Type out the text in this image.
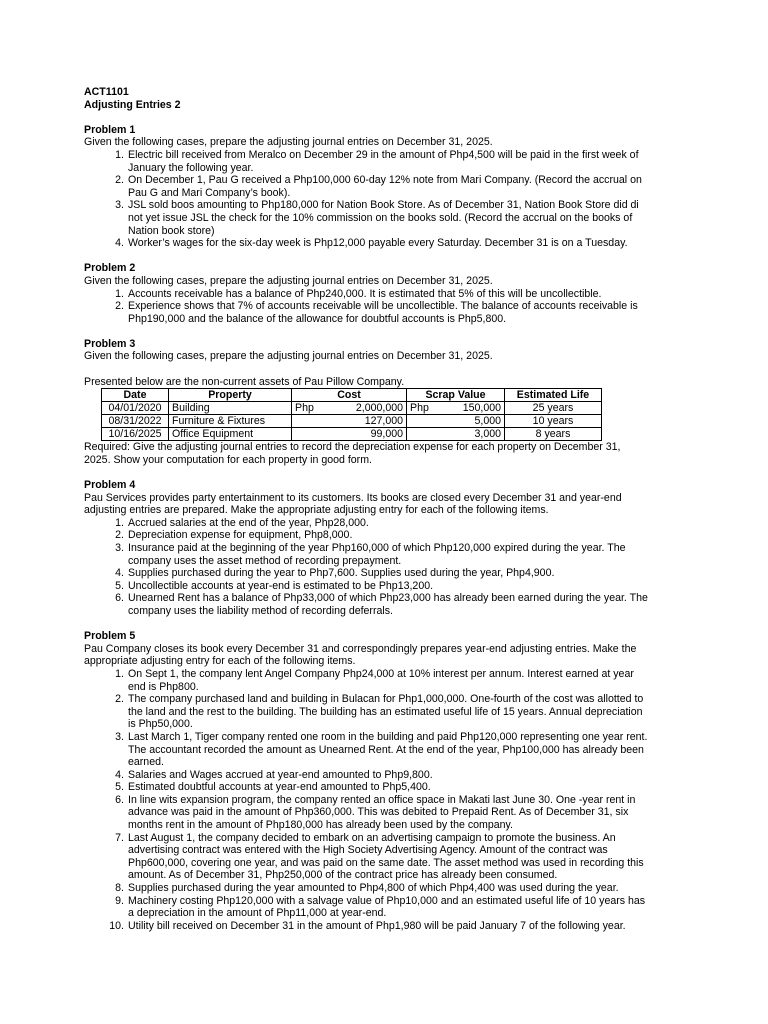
ACT1101
Adjusting Entries 2
Problem 1
Given the following cases, prepare the adjusting journal entries on December 31, 2025.
1. Electric bill received from Meralco on December 29 in the amount of Php4,500 will be paid in the first week of
January the following year.
2. On December 1, Pau G received a Php100,000 60-day 12% note from Mari Company. (Record the accrual on
Pau G and Mari Company’s book).
3. JSL sold boos amounting to Php180,000 for Nation Book Store. As of December 31, Nation Book Store did di
not yet issue JSL the check for the 10% commission on the books sold. (Record the accrual on the books of
Nation book store)
4. Worker’s wages for the six-day week is Php12,000 payable every Saturday. December 31 is on a Tuesday.
Problem 2
Given the following cases, prepare the adjusting journal entries on December 31, 2025.
1. Accounts receivable has a balance of Php240,000. It is estimated that 5% of this will be uncollectible.
2. Experience shows that 7% of accounts receivable will be uncollectible. The balance of accounts receivable is
Php190,000 and the balance of the allowance for doubtful accounts is Php5,800.
Problem 3
Given the following cases, prepare the adjusting journal entries on December 31, 2025.
Presented below are the non-current assets of Pau Pillow Company.
Date	Property	Cost	Scrap Value	Estimated Life
04/01/2020	Building	Php 2,000,000	Php 150,000	25 years
08/31/2022	Furniture & Fixtures	127,000	5,000	10 years
10/16/2025	Office Equipment	99,000	3,000	8 years
Required: Give the adjusting journal entries to record the depreciation expense for each property on December 31,
2025. Show your computation for each property in good form.
Problem 4
Pau Services provides party entertainment to its customers. Its books are closed every December 31 and year-end
adjusting entries are prepared. Make the appropriate adjusting entry for each of the following items.
1. Accrued salaries at the end of the year, Php28,000.
2. Depreciation expense for equipment, Php8,000.
3. Insurance paid at the beginning of the year Php160,000 of which Php120,000 expired during the year. The
company uses the asset method of recording prepayment.
4. Supplies purchased during the year to Php7,600. Supplies used during the year, Php4,900.
5. Uncollectible accounts at year-end is estimated to be Php13,200.
6. Unearned Rent has a balance of Php33,000 of which Php23,000 has already been earned during the year. The
company uses the liability method of recording deferrals.
Problem 5
Pau Company closes its book every December 31 and correspondingly prepares year-end adjusting entries. Make the
appropriate adjusting entry for each of the following items.
1. On Sept 1, the company lent Angel Company Php24,000 at 10% interest per annum. Interest earned at year
end is Php800.
2. The company purchased land and building in Bulacan for Php1,000,000. One-fourth of the cost was allotted to
the land and the rest to the building. The building has an estimated useful life of 15 years. Annual depreciation
is Php50,000.
3. Last March 1, Tiger company rented one room in the building and paid Php120,000 representing one year rent.
The accountant recorded the amount as Unearned Rent. At the end of the year, Php100,000 has already been
earned.
4. Salaries and Wages accrued at year-end amounted to Php9,800.
5. Estimated doubtful accounts at year-end amounted to Php5,400.
6. In line wits expansion program, the company rented an office space in Makati last June 30. One -year rent in
advance was paid in the amount of Php360,000. This was debited to Prepaid Rent. As of December 31, six
months rent in the amount of Php180,000 has already been used by the company.
7. Last August 1, the company decided to embark on an advertising campaign to promote the business. An
advertising contract was entered with the High Society Advertising Agency. Amount of the contract was
Php600,000, covering one year, and was paid on the same date. The asset method was used in recording this
amount. As of December 31, Php250,000 of the contract price has already been consumed.
8. Supplies purchased during the year amounted to Php4,800 of which Php4,400 was used during the year.
9. Machinery costing Php120,000 with a salvage value of Php10,000 and an estimated useful life of 10 years has
a depreciation in the amount of Php11,000 at year-end.
10. Utility bill received on December 31 in the amount of Php1,980 will be paid January 7 of the following year.
